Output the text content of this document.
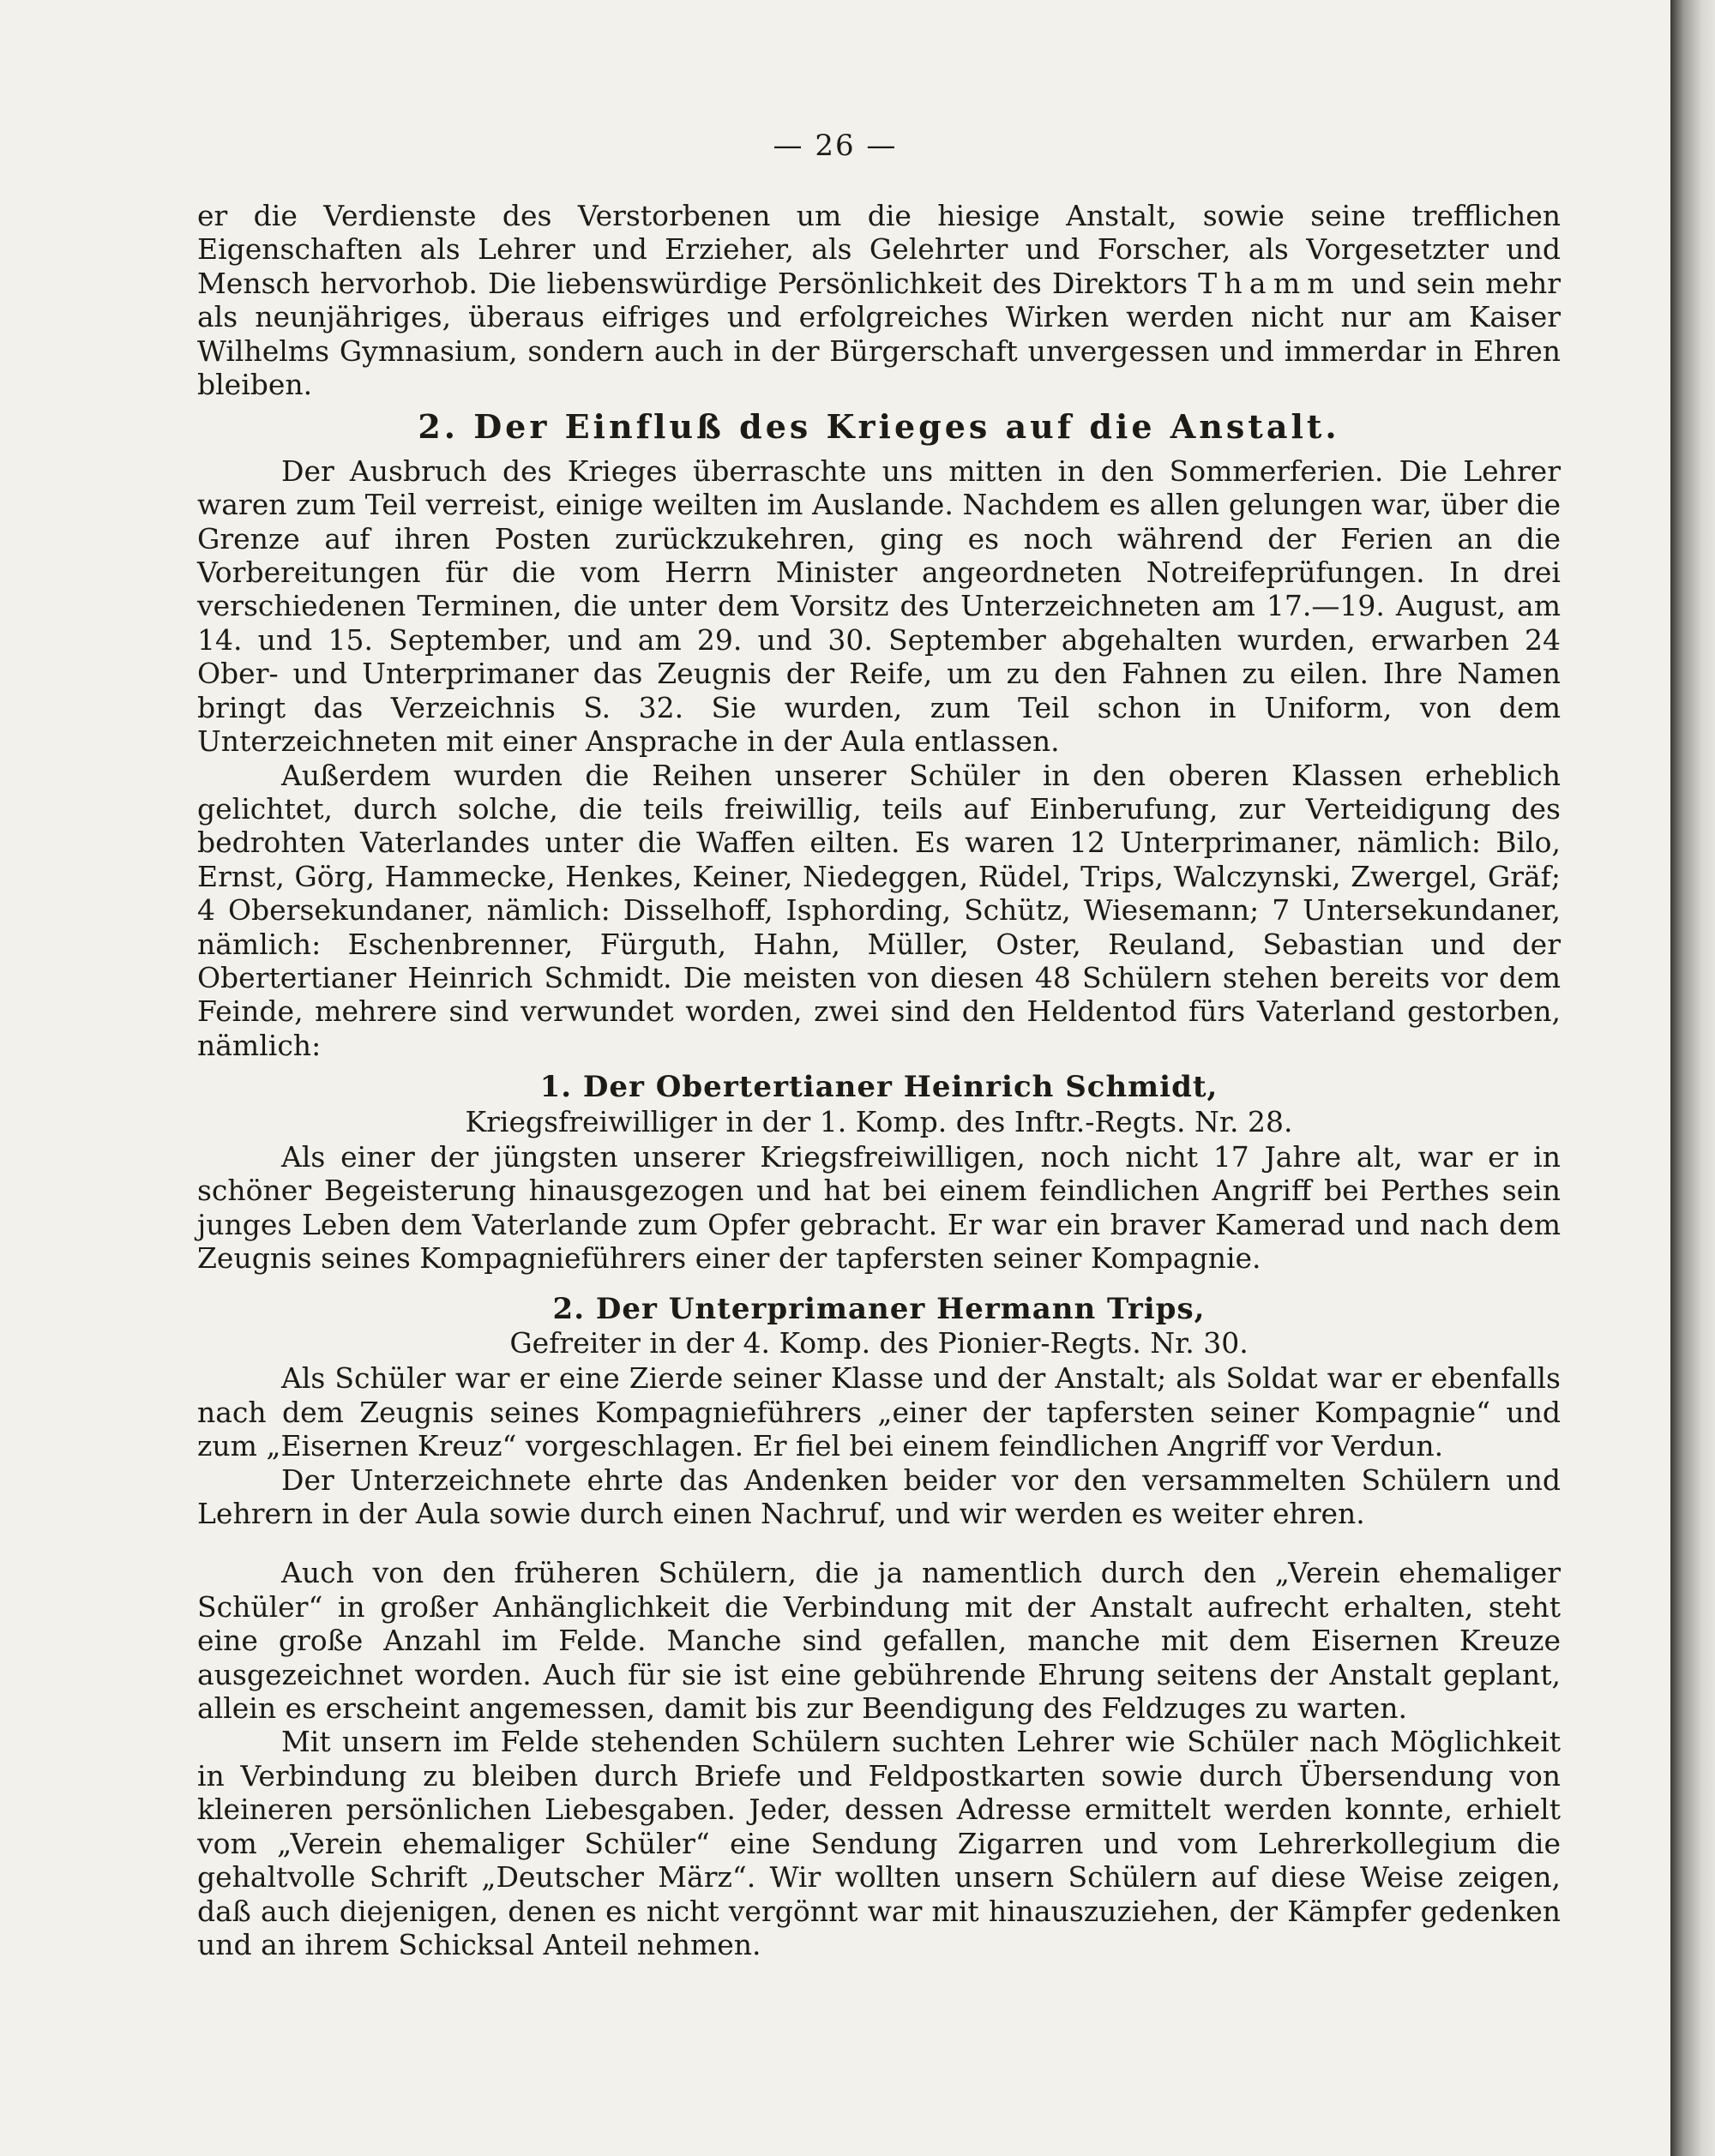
— 26 —

er die Verdienste des Verstorbenen um die hiesige Anstalt, sowie seine trefflichen Eigenschaften als Lehrer und Erzieher, als Gelehrter und Forscher, als Vorgesetzter und Mensch hervorhob. Die liebenswürdige Persönlichkeit des Direktors Thamm und sein mehr als neunjähriges, überaus eifriges und erfolgreiches Wirken werden nicht nur am Kaiser Wilhelms Gymnasium, sondern auch in der Bürgerschaft unvergessen und immerdar in Ehren bleiben.

2. Der Einfluß des Krieges auf die Anstalt.

Der Ausbruch des Krieges überraschte uns mitten in den Sommerferien. Die Lehrer waren zum Teil verreist, einige weilten im Auslande. Nachdem es allen gelungen war, über die Grenze auf ihren Posten zurückzukehren, ging es noch während der Ferien an die Vorbereitungen für die vom Herrn Minister angeordneten Notreifeprüfungen. In drei verschiedenen Terminen, die unter dem Vorsitz des Unterzeichneten am 17.—19. August, am 14. und 15. September, und am 29. und 30. September abgehalten wurden, erwarben 24 Ober- und Unterprimaner das Zeugnis der Reife, um zu den Fahnen zu eilen. Ihre Namen bringt das Verzeichnis S. 32. Sie wurden, zum Teil schon in Uniform, von dem Unterzeichneten mit einer Ansprache in der Aula entlassen.

Außerdem wurden die Reihen unserer Schüler in den oberen Klassen erheblich gelichtet, durch solche, die teils freiwillig, teils auf Einberufung, zur Verteidigung des bedrohten Vaterlandes unter die Waffen eilten. Es waren 12 Unterprimaner, nämlich: Bilo, Ernst, Görg, Hammecke, Henkes, Keiner, Niedeggen, Rüdel, Trips, Walczynski, Zwergel, Gräf; 4 Obersekundaner, nämlich: Disselhoff, Isphording, Schütz, Wiesemann; 7 Untersekundaner, nämlich: Eschenbrenner, Fürguth, Hahn, Müller, Oster, Reuland, Sebastian und der Obertertianer Heinrich Schmidt. Die meisten von diesen 48 Schülern stehen bereits vor dem Feinde, mehrere sind verwundet worden, zwei sind den Heldentod fürs Vaterland gestorben, nämlich:

1. Der Obertertianer Heinrich Schmidt,
Kriegsfreiwilliger in der 1. Komp. des Inftr.-Regts. Nr. 28.

Als einer der jüngsten unserer Kriegsfreiwilligen, noch nicht 17 Jahre alt, war er in schöner Begeisterung hinausgezogen und hat bei einem feindlichen Angriff bei Perthes sein junges Leben dem Vaterlande zum Opfer gebracht. Er war ein braver Kamerad und nach dem Zeugnis seines Kompagnieführers einer der tapfersten seiner Kompagnie.

2. Der Unterprimaner Hermann Trips,
Gefreiter in der 4. Komp. des Pionier-Regts. Nr. 30.

Als Schüler war er eine Zierde seiner Klasse und der Anstalt; als Soldat war er ebenfalls nach dem Zeugnis seines Kompagnieführers „einer der tapfersten seiner Kompagnie“ und zum „Eisernen Kreuz“ vorgeschlagen. Er fiel bei einem feindlichen Angriff vor Verdun.

Der Unterzeichnete ehrte das Andenken beider vor den versammelten Schülern und Lehrern in der Aula sowie durch einen Nachruf, und wir werden es weiter ehren.

Auch von den früheren Schülern, die ja namentlich durch den „Verein ehemaliger Schüler“ in großer Anhänglichkeit die Verbindung mit der Anstalt aufrecht erhalten, steht eine große Anzahl im Felde. Manche sind gefallen, manche mit dem Eisernen Kreuze ausgezeichnet worden. Auch für sie ist eine gebührende Ehrung seitens der Anstalt geplant, allein es erscheint angemessen, damit bis zur Beendigung des Feldzuges zu warten.

Mit unsern im Felde stehenden Schülern suchten Lehrer wie Schüler nach Möglichkeit in Verbindung zu bleiben durch Briefe und Feldpostkarten sowie durch Übersendung von kleineren persönlichen Liebesgaben. Jeder, dessen Adresse ermittelt werden konnte, erhielt vom „Verein ehemaliger Schüler“ eine Sendung Zigarren und vom Lehrerkollegium die gehaltvolle Schrift „Deutscher März“. Wir wollten unsern Schülern auf diese Weise zeigen, daß auch diejenigen, denen es nicht vergönnt war mit hinauszuziehen, der Kämpfer gedenken und an ihrem Schicksal Anteil nehmen.
